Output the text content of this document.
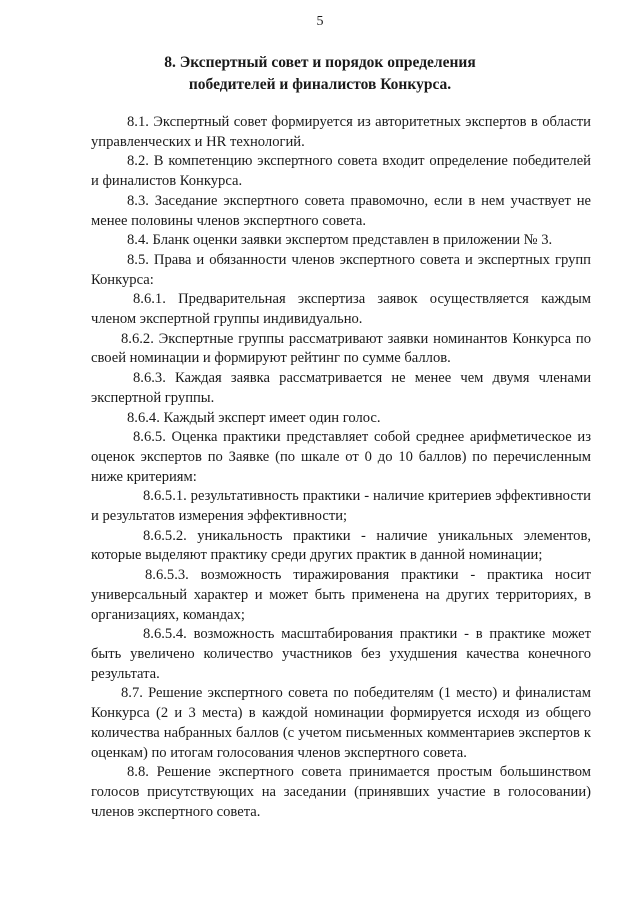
5
8. Экспертный совет и порядок определения
победителей и финалистов Конкурса.

8.1. Экспертный совет формируется из авторитетных экспертов в области управленческих и HR технологий.

8.2. В компетенцию экспертного совета входит определение победителей и финалистов Конкурса.

8.3. Заседание экспертного совета правомочно, если в нем участвует не менее половины членов экспертного совета.

8.4. Бланк оценки заявки экспертом представлен в приложении № 3.

8.5. Права и обязанности членов экспертного совета и экспертных групп Конкурса:

8.6.1. Предварительная экспертиза заявок осуществляется каждым членом экспертной группы индивидуально.

8.6.2. Экспертные группы рассматривают заявки номинантов Конкурса по своей номинации и формируют рейтинг по сумме баллов.

8.6.3. Каждая заявка рассматривается не менее чем двумя членами экспертной группы.

8.6.4. Каждый эксперт имеет один голос.

8.6.5. Оценка практики представляет собой среднее арифметическое из оценок экспертов по Заявке (по шкале от 0 до 10 баллов) по перечисленным ниже критериям:

8.6.5.1. результативность практики - наличие критериев эффективности и результатов измерения эффективности;

8.6.5.2. уникальность практики - наличие уникальных элементов, которые выделяют практику среди других практик в данной номинации;

8.6.5.3. возможность тиражирования практики - практика носит универсальный характер и может быть применена на других территориях, в организациях, командах;

8.6.5.4. возможность масштабирования практики - в практике может быть увеличено количество участников без ухудшения качества конечного результата.

8.7. Решение экспертного совета по победителям (1 место) и финалистам Конкурса (2 и 3 места) в каждой номинации формируется исходя из общего количества набранных баллов (с учетом письменных комментариев экспертов к оценкам) по итогам голосования членов экспертного совета.

8.8. Решение экспертного совета принимается простым большинством голосов присутствующих на заседании (принявших участие в голосовании) членов экспертного совета.
